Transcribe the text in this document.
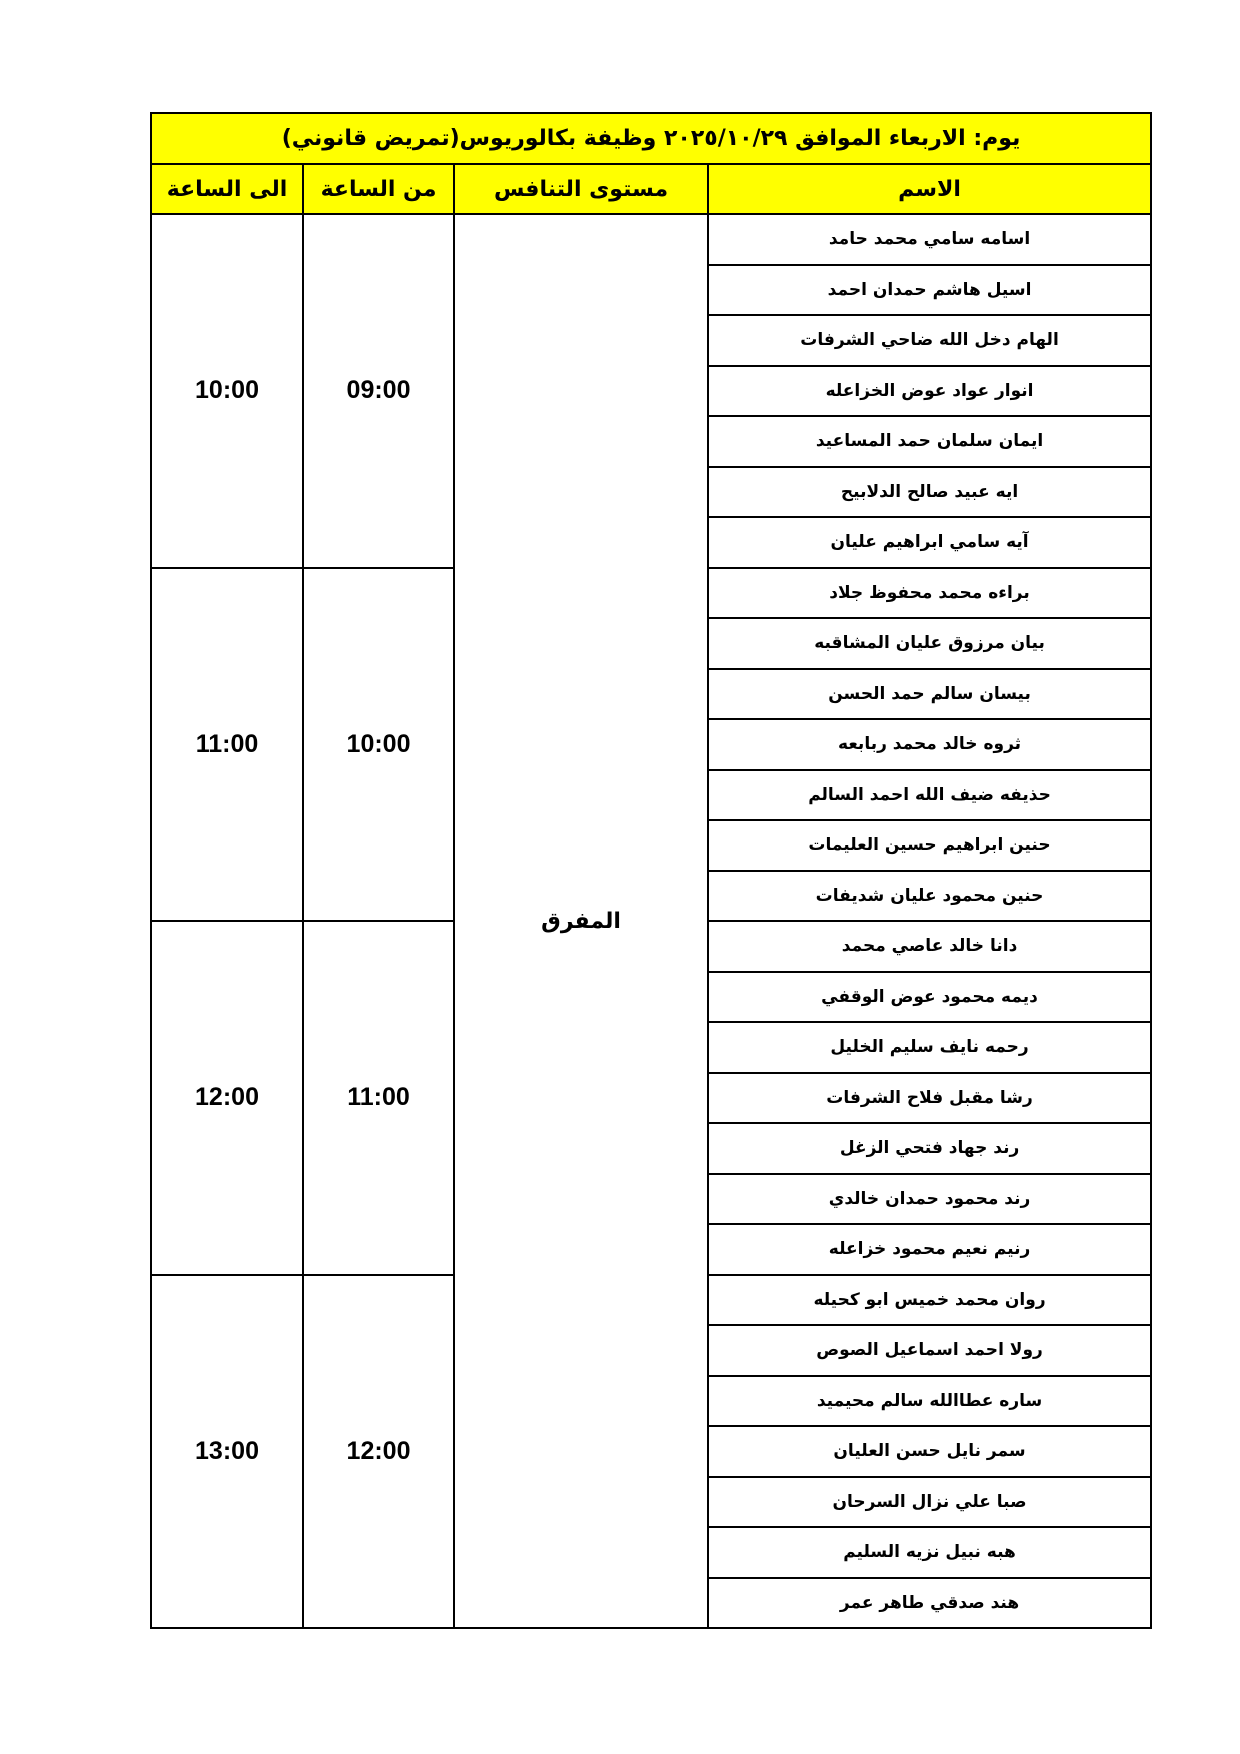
يوم: الاربعاء الموافق ٢٠٢٥/١٠/٢٩ وظيفة بكالوريوس(تمريض قانوني)			
الاسم	مستوى التنافس	من الساعة	الى الساعة
اسامه سامي محمد حامد	المفرق	09:00	10:00
اسيل هاشم حمدان احمد			
الهام دخل الله ضاحي الشرفات			
انوار عواد عوض الخزاعله			
ايمان سلمان حمد المساعيد			
ايه عبيد صالح الدلابيح			
آيه سامي ابراهيم عليان			
براءه محمد محفوظ جلاد		10:00	11:00
بيان مرزوق عليان المشاقبه			
بيسان سالم حمد الحسن			
ثروه خالد محمد ربابعه			
حذيفه ضيف الله احمد السالم			
حنين ابراهيم حسين العليمات			
حنين محمود عليان شديفات			
دانا خالد عاصي محمد		11:00	12:00
ديمه محمود عوض الوقفي			
رحمه نايف سليم الخليل			
رشا مقبل فلاح الشرفات			
رند جهاد فتحي الزغل			
رند محمود حمدان خالدي			
رنيم نعيم محمود خزاعله			
روان محمد خميس ابو كحيله		12:00	13:00
رولا احمد اسماعيل الصوص			
ساره عطاالله سالم محيميد			
سمر نايل حسن العليان			
صبا علي نزال السرحان			
هبه نبيل نزيه السليم			
هند صدقي طاهر عمر			
